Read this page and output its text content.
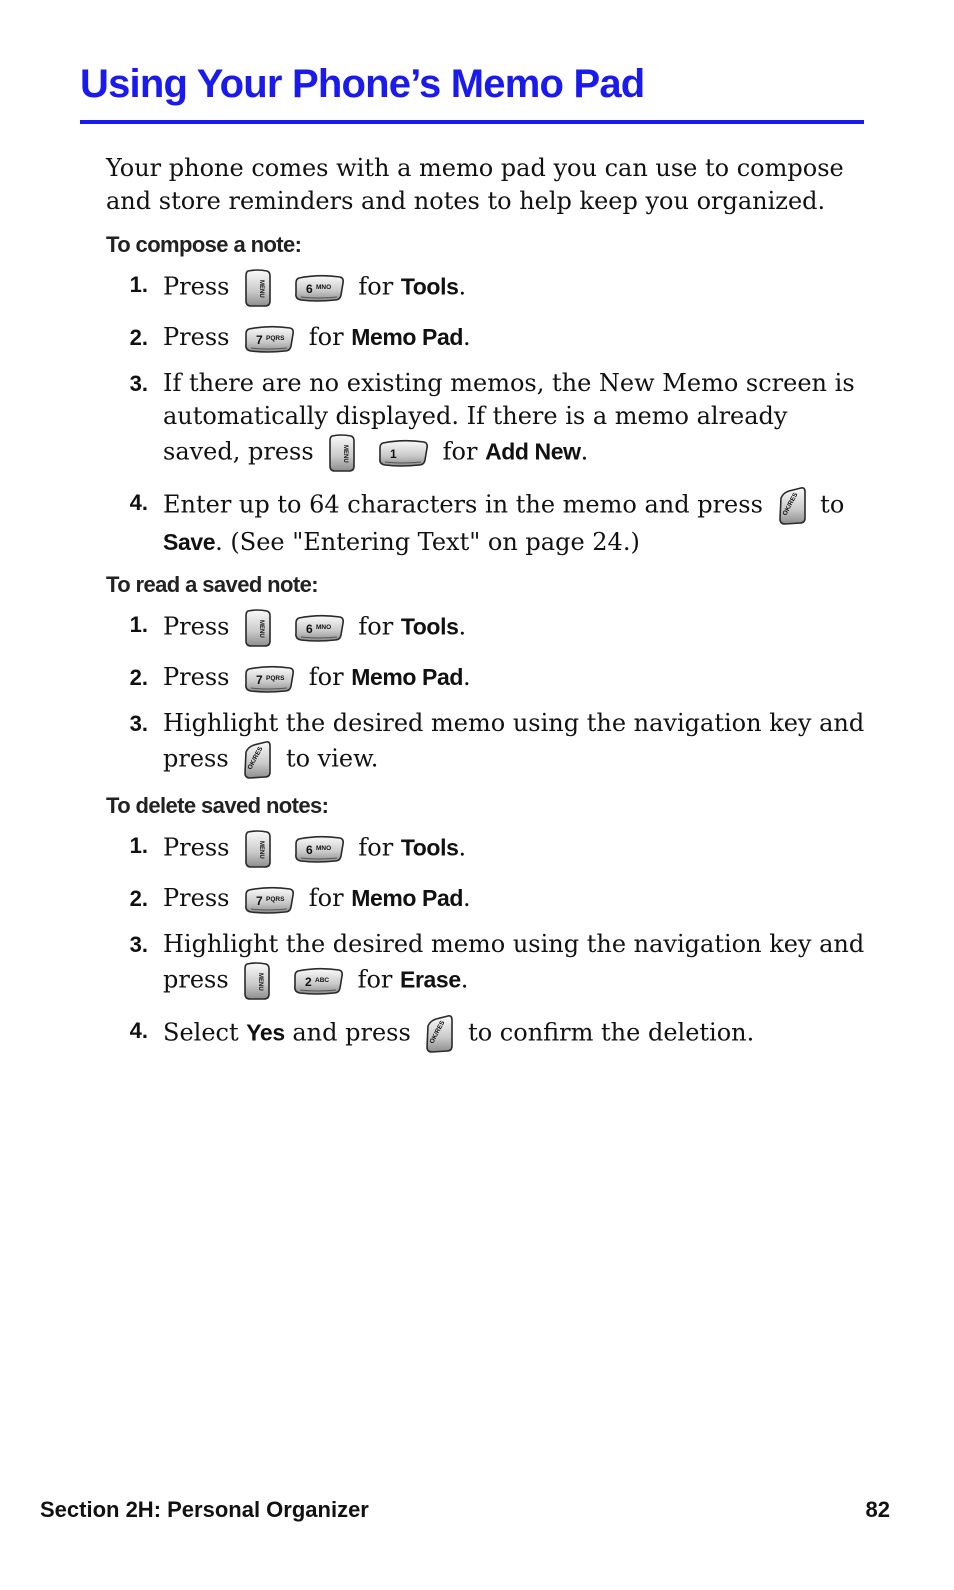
Using Your Phone’s Memo Pad

Your phone comes with a memo pad you can use to compose and store reminders and notes to help keep you organized.

To compose a note:
1. Press	MENU
	6 MNO for Tools.
2. Press 7 PQRS for Memo Pad.
3. If there are no existing memos, the New Memo screen is automatically displayed. If there is a memo already saved, press	MENU
	1 for Add New.
4. Enter up to 64 characters in the memo and press	OK/RES to Save. (See "Entering Text" on page 24.)
To read a saved note:
1. Press	MENU
	6 MNO for Tools.
2. Press 7 PQRS for Memo Pad.
3. Highlight the desired memo using the navigation key and press	OK/RES to view.
To delete saved notes:
1. Press	MENU
	6 MNO for Tools.
2. Press 7 PQRS for Memo Pad.
3. Highlight the desired memo using the navigation key and press	MENU
	2 ABC for Erase.
4. Select Yes and press	OK/RES to confirm the deletion.
Section 2H: Personal Organizer	82
